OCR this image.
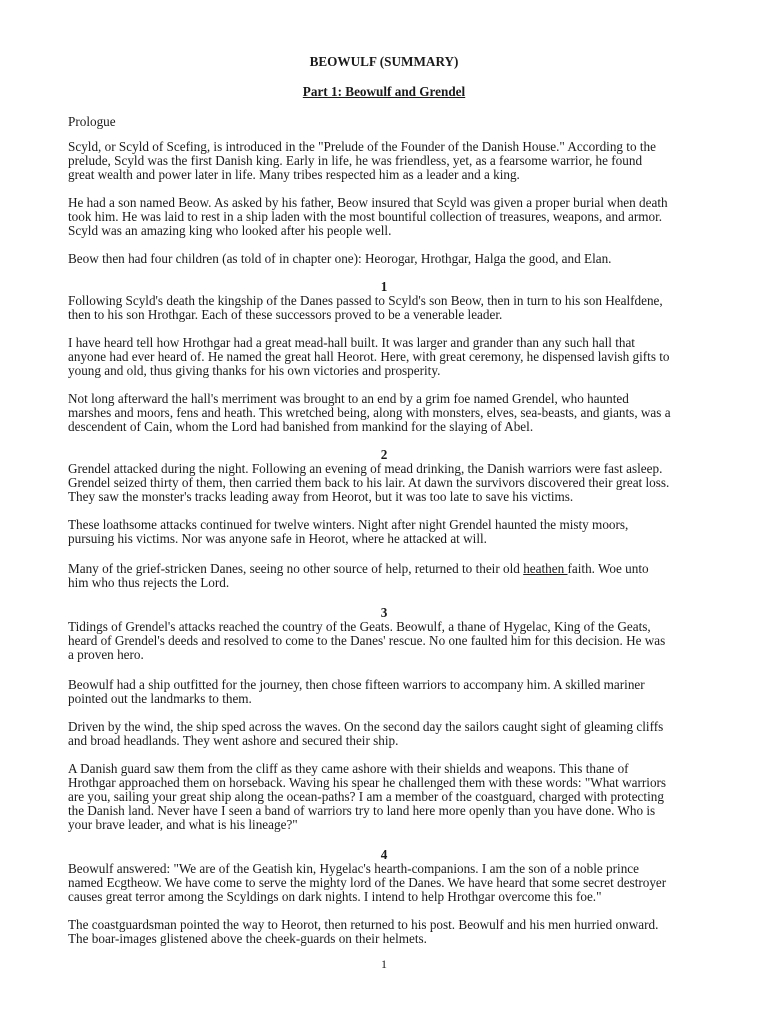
BEOWULF (SUMMARY)
Part 1: Beowulf and Grendel
Prologue
Scyld, or Scyld of Scefing, is introduced in the "Prelude of the Founder of the Danish House." According to the
prelude, Scyld was the first Danish king. Early in life, he was friendless, yet, as a fearsome warrior, he found
great wealth and power later in life. Many tribes respected him as a leader and a king.
He had a son named Beow. As asked by his father, Beow insured that Scyld was given a proper burial when death
took him. He was laid to rest in a ship laden with the most bountiful collection of treasures, weapons, and armor.
Scyld was an amazing king who looked after his people well.
Beow then had four children (as told of in chapter one): Heorogar, Hrothgar, Halga the good, and Elan.
1
Following Scyld's death the kingship of the Danes passed to Scyld's son Beow, then in turn to his son Healfdene,
then to his son Hrothgar. Each of these successors proved to be a venerable leader.
I have heard tell how Hrothgar had a great mead-hall built. It was larger and grander than any such hall that
anyone had ever heard of. He named the great hall Heorot. Here, with great ceremony, he dispensed lavish gifts to
young and old, thus giving thanks for his own victories and prosperity.
Not long afterward the hall's merriment was brought to an end by a grim foe named Grendel, who haunted
marshes and moors, fens and heath. This wretched being, along with monsters, elves, sea-beasts, and giants, was a
descendent of Cain, whom the Lord had banished from mankind for the slaying of Abel.
2
Grendel attacked during the night. Following an evening of mead drinking, the Danish warriors were fast asleep.
Grendel seized thirty of them, then carried them back to his lair. At dawn the survivors discovered their great loss.
They saw the monster's tracks leading away from Heorot, but it was too late to save his victims.
These loathsome attacks continued for twelve winters. Night after night Grendel haunted the misty moors,
pursuing his victims. Nor was anyone safe in Heorot, where he attacked at will.
Many of the grief-stricken Danes, seeing no other source of help, returned to their old heathen faith. Woe unto
him who thus rejects the Lord.
3
Tidings of Grendel's attacks reached the country of the Geats. Beowulf, a thane of Hygelac, King of the Geats,
heard of Grendel's deeds and resolved to come to the Danes' rescue. No one faulted him for this decision. He was
a proven hero.
Beowulf had a ship outfitted for the journey, then chose fifteen warriors to accompany him. A skilled mariner
pointed out the landmarks to them.
Driven by the wind, the ship sped across the waves. On the second day the sailors caught sight of gleaming cliffs
and broad headlands. They went ashore and secured their ship.
A Danish guard saw them from the cliff as they came ashore with their shields and weapons. This thane of
Hrothgar approached them on horseback. Waving his spear he challenged them with these words: "What warriors
are you, sailing your great ship along the ocean-paths? I am a member of the coastguard, charged with protecting
the Danish land. Never have I seen a band of warriors try to land here more openly than you have done. Who is
your brave leader, and what is his lineage?"
4
Beowulf answered: "We are of the Geatish kin, Hygelac's hearth-companions. I am the son of a noble prince
named Ecgtheow. We have come to serve the mighty lord of the Danes. We have heard that some secret destroyer
causes great terror among the Scyldings on dark nights. I intend to help Hrothgar overcome this foe."
The coastguardsman pointed the way to Heorot, then returned to his post. Beowulf and his men hurried onward.
The boar-images glistened above the cheek-guards on their helmets.
1
